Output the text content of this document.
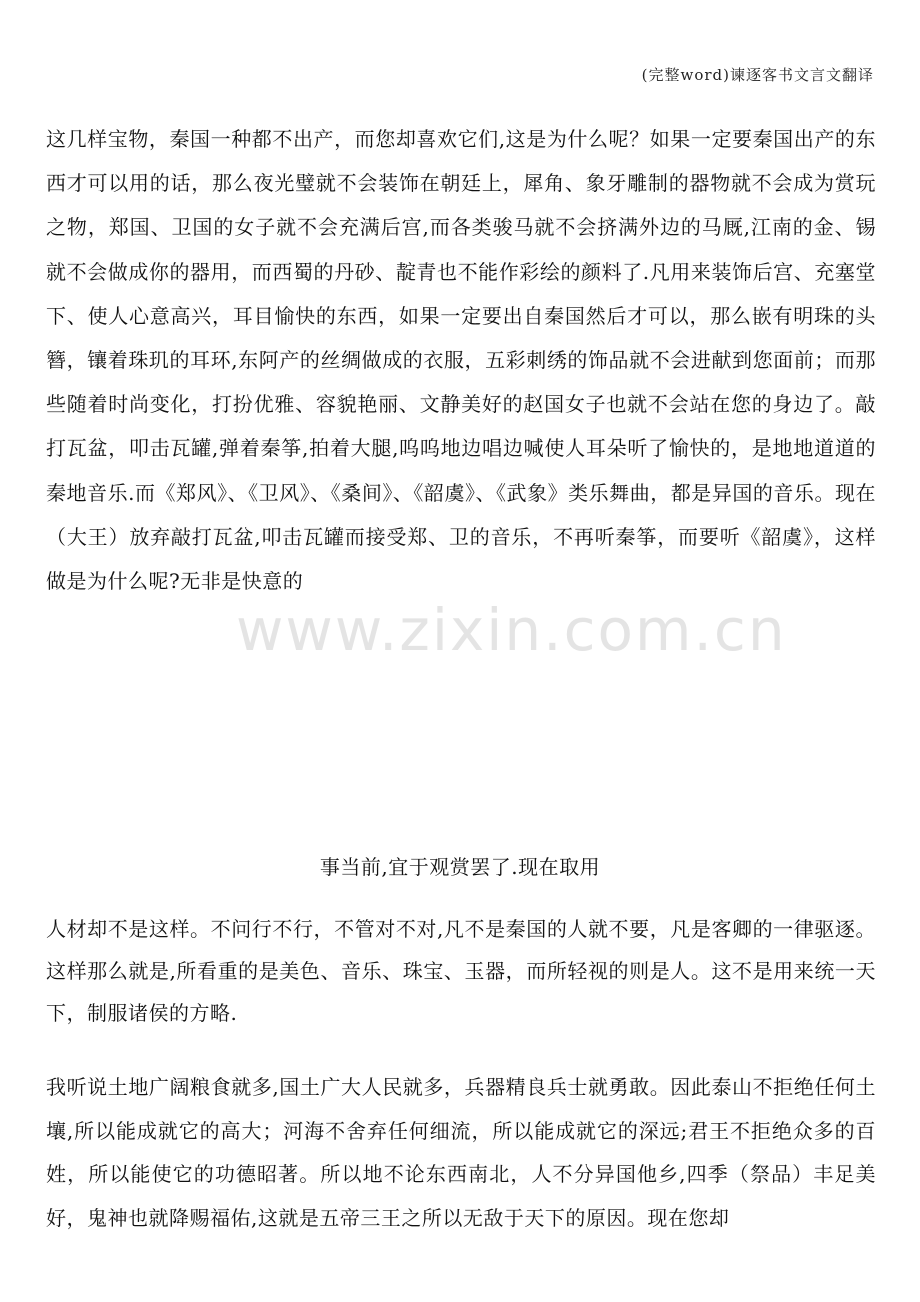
(完整word)谏逐客书文言文翻译

这几样宝物，秦国一种都不出产，而您却喜欢它们,这是为什么呢？如果一定要秦国出产的东西才可以用的话，那么夜光璧就不会装饰在朝廷上，犀角、象牙雕制的器物就不会成为赏玩之物，郑国、卫国的女子就不会充满后宫,而各类骏马就不会挤满外边的马厩,江南的金、锡就不会做成你的器用，而西蜀的丹砂、靛青也不能作彩绘的颜料了.凡用来装饰后宫、充塞堂下、使人心意高兴，耳目愉快的东西，如果一定要出自秦国然后才可以，那么嵌有明珠的头簪，镶着珠玑的耳环,东阿产的丝绸做成的衣服，五彩刺绣的饰品就不会进献到您面前；而那些随着时尚变化，打扮优雅、容貌艳丽、文静美好的赵国女子也就不会站在您的身边了。敲打瓦盆，叩击瓦罐,弹着秦筝,拍着大腿,呜呜地边唱边喊使人耳朵听了愉快的，是地地道道的秦地音乐.而《郑风》、《卫风》、《桑间》、《韶虞》、《武象》类乐舞曲，都是异国的音乐。现在（大王）放弃敲打瓦盆,叩击瓦罐而接受郑、卫的音乐，不再听秦筝，而要听《韶虞》，这样做是为什么呢?无非是快意的

www.zixin.com.cn

事当前,宜于观赏罢了.现在取用

人材却不是这样。不问行不行，不管对不对,凡不是秦国的人就不要，凡是客卿的一律驱逐。这样那么就是,所看重的是美色、音乐、珠宝、玉器，而所轻视的则是人。这不是用来统一天下，制服诸侯的方略.

我听说土地广阔粮食就多,国土广大人民就多，兵器精良兵士就勇敢。因此泰山不拒绝任何土壤,所以能成就它的高大；河海不舍弃任何细流，所以能成就它的深远;君王不拒绝众多的百姓，所以能使它的功德昭著。所以地不论东西南北，人不分异国他乡,四季（祭品）丰足美好，鬼神也就降赐福佑,这就是五帝三王之所以无敌于天下的原因。现在您却
